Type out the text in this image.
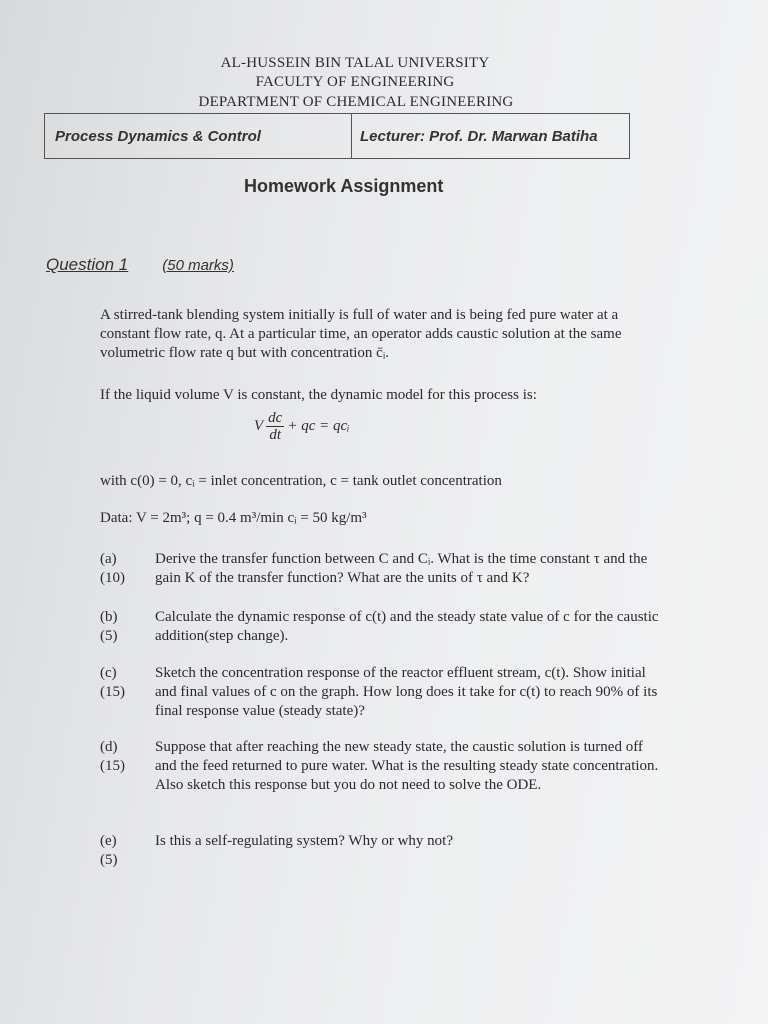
AL-HUSSEIN BIN TALAL UNIVERSITY
FACULTY OF ENGINEERING
DEPARTMENT OF CHEMICAL ENGINEERING
Process Dynamics & Control	Lecturer: Prof. Dr. Marwan Batiha
Homework Assignment
Question 1 (50 marks)
A stirred-tank blending system initially is full of water and is being fed pure water at a constant flow rate, q. At a particular time, an operator adds caustic solution at the same volumetric flow rate q but with concentration c̄ᵢ.
If the liquid volume V is constant, the dynamic model for this process is:
V $\frac{dc}{dt}$ + qc = qcᵢ
with c(0) = 0, cᵢ = inlet concentration, c = tank outlet concentration
Data: V = 2m³; q = 0.4 m³/min cᵢ = 50 kg/m³
(a)
(10)
Derive the transfer function between C and Cᵢ. What is the time constant τ and the gain K of the transfer function? What are the units of τ and K?
(b)
(5)
Calculate the dynamic response of c(t) and the steady state value of c for the caustic addition(step change).
(c)
(15)
Sketch the concentration response of the reactor effluent stream, c(t). Show initial and final values of c on the graph. How long does it take for c(t) to reach 90% of its final response value (steady state)?
(d)
(15)
Suppose that after reaching the new steady state, the caustic solution is turned off and the feed returned to pure water. What is the resulting steady state concentration. Also sketch this response but you do not need to solve the ODE.
(e)
(5)
Is this a self-regulating system? Why or why not?
